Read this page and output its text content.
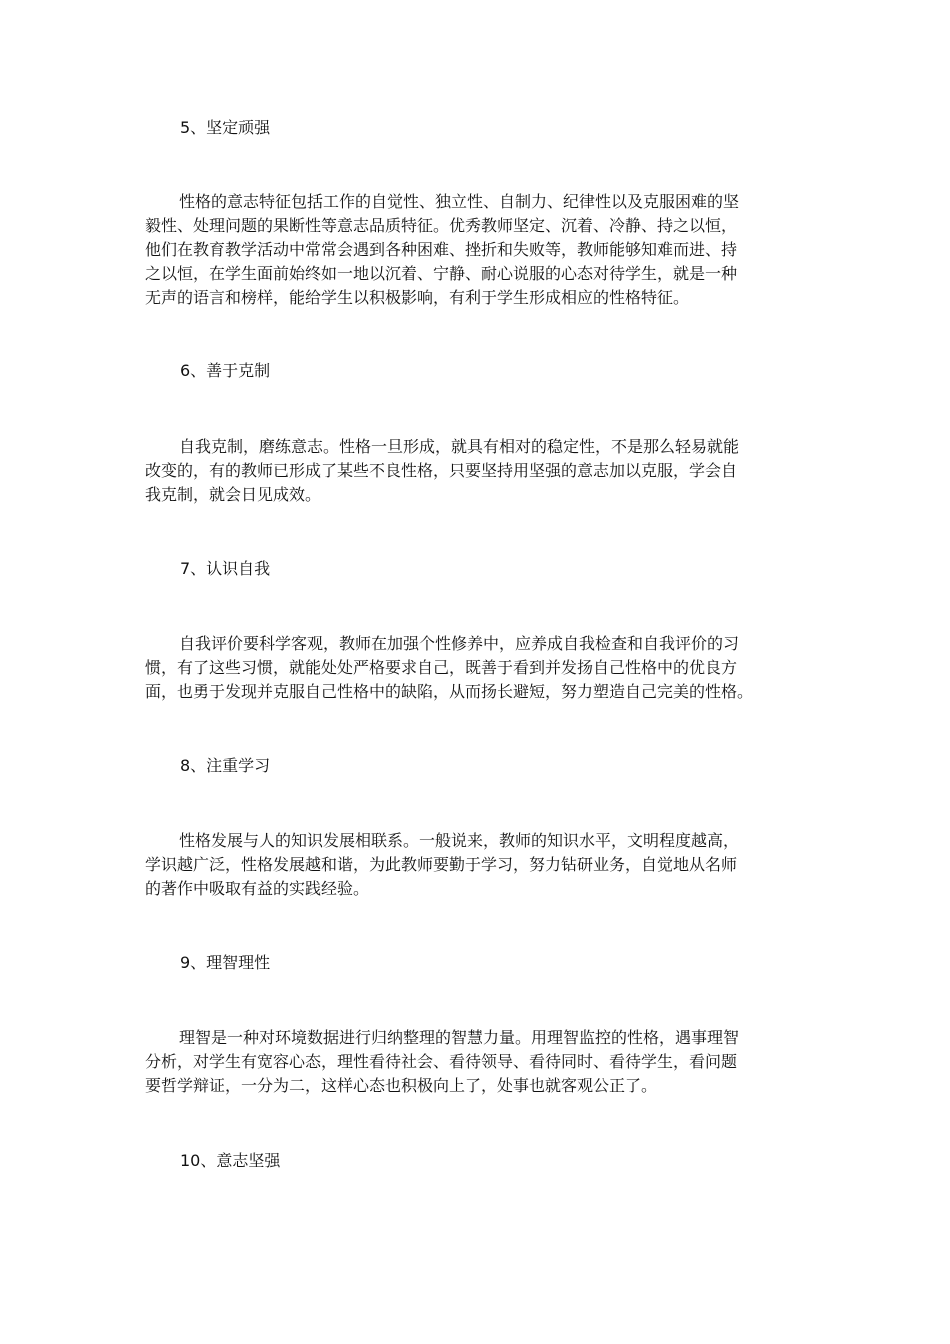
5、坚定顽强
性格的意志特征包括工作的自觉性、独立性、自制力、纪律性以及克服困难的坚
毅性、处理问题的果断性等意志品质特征。优秀教师坚定、沉着、冷静、持之以恒，
他们在教育教学活动中常常会遇到各种困难、挫折和失败等，教师能够知难而进、持
之以恒，在学生面前始终如一地以沉着、宁静、耐心说服的心态对待学生，就是一种
无声的语言和榜样，能给学生以积极影响，有利于学生形成相应的性格特征。
6、善于克制
自我克制，磨练意志。性格一旦形成，就具有相对的稳定性，不是那么轻易就能
改变的，有的教师已形成了某些不良性格，只要坚持用坚强的意志加以克服，学会自
我克制，就会日见成效。
7、认识自我
自我评价要科学客观，教师在加强个性修养中，应养成自我检查和自我评价的习
惯，有了这些习惯，就能处处严格要求自己，既善于看到并发扬自己性格中的优良方
面，也勇于发现并克服自己性格中的缺陷，从而扬长避短，努力塑造自己完美的性格。
8、注重学习
性格发展与人的知识发展相联系。一般说来，教师的知识水平，文明程度越高，
学识越广泛，性格发展越和谐，为此教师要勤于学习，努力钻研业务，自觉地从名师
的著作中吸取有益的实践经验。
9、理智理性
理智是一种对环境数据进行归纳整理的智慧力量。用理智监控的性格，遇事理智
分析，对学生有宽容心态，理性看待社会、看待领导、看待同时、看待学生，看问题
要哲学辩证，一分为二，这样心态也积极向上了，处事也就客观公正了。
10、意志坚强
